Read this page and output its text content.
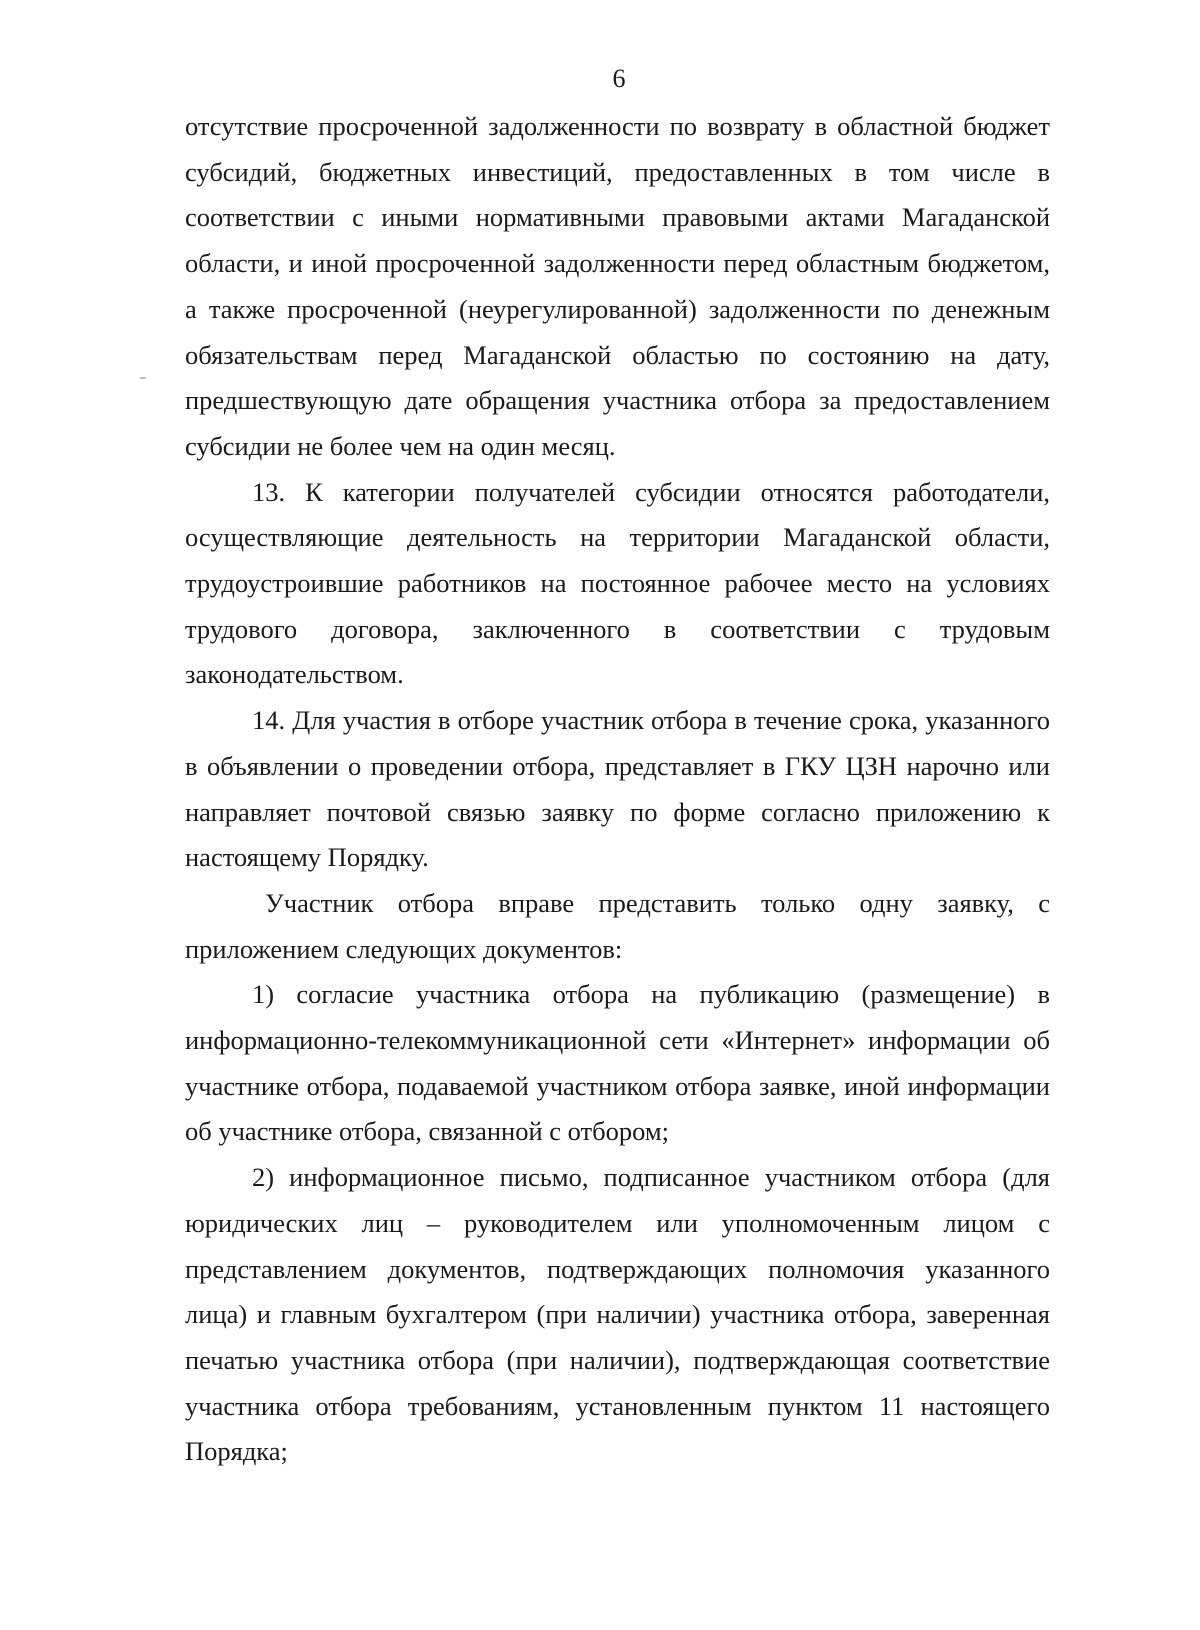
6

отсутствие просроченной задолженности по возврату в областной бюджет субсидий, бюджетных инвестиций, предоставленных в том числе в соответствии с иными нормативными правовыми актами Магаданской области, и иной просроченной задолженности перед областным бюджетом, а также просроченной (неурегулированной) задолженности по денежным обязательствам перед Магаданской областью по состоянию на дату, предшествующую дате обращения участника отбора за предоставлением субсидии не более чем на один месяц.

13. К категории получателей субсидии относятся работодатели, осуществляющие деятельность на территории Магаданской области, трудоустроившие работников на постоянное рабочее место на условиях трудового договора, заключенного в соответствии с трудовым законодательством.

14. Для участия в отборе участник отбора в течение срока, указанного в объявлении о проведении отбора, представляет в ГКУ ЦЗН нарочно или направляет почтовой связью заявку по форме согласно приложению к настоящему Порядку.

Участник отбора вправе представить только одну заявку, с приложением следующих документов:

1) согласие участника отбора на публикацию (размещение) в информационно-телекоммуникационной сети «Интернет» информации об участнике отбора, подаваемой участником отбора заявке, иной информации об участнике отбора, связанной с отбором;

2) информационное письмо, подписанное участником отбора (для юридических лиц – руководителем или уполномоченным лицом с представлением документов, подтверждающих полномочия указанного лица) и главным бухгалтером (при наличии) участника отбора, заверенная печатью участника отбора (при наличии), подтверждающая соответствие участника отбора требованиям, установленным пунктом 11 настоящего Порядка;
